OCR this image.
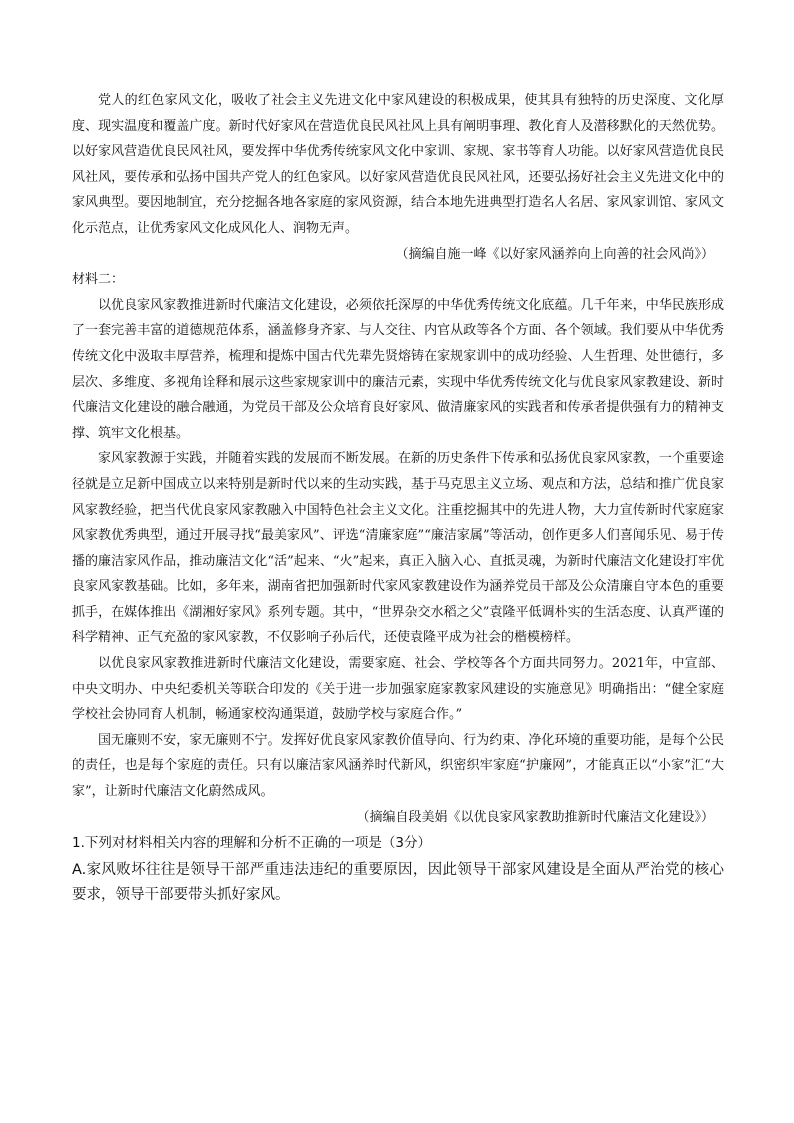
党人的红色家风文化，吸收了社会主义先进文化中家风建设的积极成果，使其具有独特的历史深度、文化厚度、现实温度和覆盖广度。新时代好家风在营造优良民风社风上具有阐明事理、教化育人及潜移默化的天然优势。以好家风营造优良民风社风，要发挥中华优秀传统家风文化中家训、家规、家书等育人功能。以好家风营造优良民风社风，要传承和弘扬中国共产党人的红色家风。以好家风营造优良民风社风，还要弘扬好社会主义先进文化中的家风典型。要因地制宜，充分挖掘各地各家庭的家风资源，结合本地先进典型打造名人名居、家风家训馆、家风文化示范点，让优秀家风文化成风化人、润物无声。

（摘编自施一峰《以好家风涵养向上向善的社会风尚》）

材料二：

以优良家风家教推进新时代廉洁文化建设，必须依托深厚的中华优秀传统文化底蕴。几千年来，中华民族形成了一套完善丰富的道德规范体系，涵盖修身齐家、与人交往、内官从政等各个方面、各个领域。我们要从中华优秀传统文化中汲取丰厚营养，梳理和提炼中国古代先辈先贤熔铸在家规家训中的成功经验、人生哲理、处世德行，多层次、多维度、多视角诠释和展示这些家规家训中的廉洁元素，实现中华优秀传统文化与优良家风家教建设、新时代廉洁文化建设的融合融通，为党员干部及公众培育良好家风、做清廉家风的实践者和传承者提供强有力的精神支撑、筑牢文化根基。

家风家教源于实践，并随着实践的发展而不断发展。在新的历史条件下传承和弘扬优良家风家教，一个重要途径就是立足新中国成立以来特别是新时代以来的生动实践，基于马克思主义立场、观点和方法，总结和推广优良家风家教经验，把当代优良家风家教融入中国特色社会主义文化。注重挖掘其中的先进人物，大力宣传新时代家庭家风家教优秀典型，通过开展寻找“最美家风”、评选“清廉家庭”“廉洁家属”等活动，创作更多人们喜闻乐见、易于传播的廉洁家风作品，推动廉洁文化“活”起来、“火”起来，真正入脑入心、直抵灵魂，为新时代廉洁文化建设打牢优良家风家教基础。比如，多年来，湖南省把加强新时代家风家教建设作为涵养党员干部及公众清廉自守本色的重要抓手，在媒体推出《湖湘好家风》系列专题。其中，“世界杂交水稻之父”袁隆平低调朴实的生活态度、认真严谨的科学精神、正气充盈的家风家教，不仅影响子孙后代，还使袁隆平成为社会的楷模榜样。

以优良家风家教推进新时代廉洁文化建设，需要家庭、社会、学校等各个方面共同努力。2021年，中宣部、中央文明办、中央纪委机关等联合印发的《关于进一步加强家庭家教家风建设的实施意见》明确指出：“健全家庭学校社会协同育人机制，畅通家校沟通渠道，鼓励学校与家庭合作。”

国无廉则不安，家无廉则不宁。发挥好优良家风家教价值导向、行为约束、净化环境的重要功能，是每个公民的责任，也是每个家庭的责任。只有以廉洁家风涵养时代新风，织密织牢家庭“护廉网”，才能真正以“小家”汇“大家”，让新时代廉洁文化蔚然成风。

（摘编自段美娟《以优良家风家教助推新时代廉洁文化建设》）

1.下列对材料相关内容的理解和分析不正确的一项是（3分）

A.家风败坏往往是领导干部严重违法违纪的重要原因，因此领导干部家风建设是全面从严治党的核心要求，领导干部要带头抓好家风。
